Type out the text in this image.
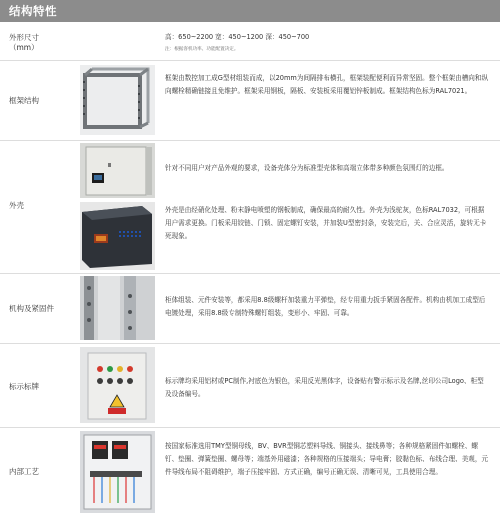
结构特性
外形尺寸
（mm）
高：650~2200 宽：450~1200 深：450~700
注：根据客机功率、功能配置决定。
框架结构
框架由数控加工成G型材组装而成，以20mm为间隔排布横孔，框架装配便利而异常坚固。整个框架由槽向和纵向螺栓精确链接且免维护。框架采用钢板，隔板、安装板采用覆铝锌板制成。框架结构色标为RAL7021。
外壳
针对不同用户对产品外观的要求，设备壳体分为标准型壳体和高端立体带多种颜色氛围灯的边框。
外壳是由经硝化处理、粉末静电喷塑的钢板制成，确保最高的耐久性。外壳为浅驼灰，色标RAL7032，可根据用户需求更换。门板采用铰链、门锁、固定螺钉安装，并加装U型密封条，安装完后，关、合应灵活，旋转无卡死现象。
机构及紧固件
柜体组装、元件安装等，都采用8.8级螺杆加装重力平弹垫，经专用重力扳手紧固各配件。机构由机加工成型后电镀处理，采用8.8级专制特殊螺钉组装，变形小、牢固、可靠。
标示标牌
标示牌均采用铝材或PC制作,衬底色为银色，采用反光黑体字，设备贴有警示标示及名牌,丝印公司Logo、柜型及设备编号。
内部工艺
按国家标准选用TMY型铜母线，BV、BVR型铜芯塑料导线、铜接头、接线鼻等；各种规格紧固件如螺栓、螺钉、垫圈、弹簧垫圈、螺母等；端基外用磁漆；各种规格的压接端头；导电膏；胶黏色标、布线合理、美观，元件导线布局不阻碍维护，端子压接牢固、方式正确，编号正确无误、清晰可见，工具使用合理。
